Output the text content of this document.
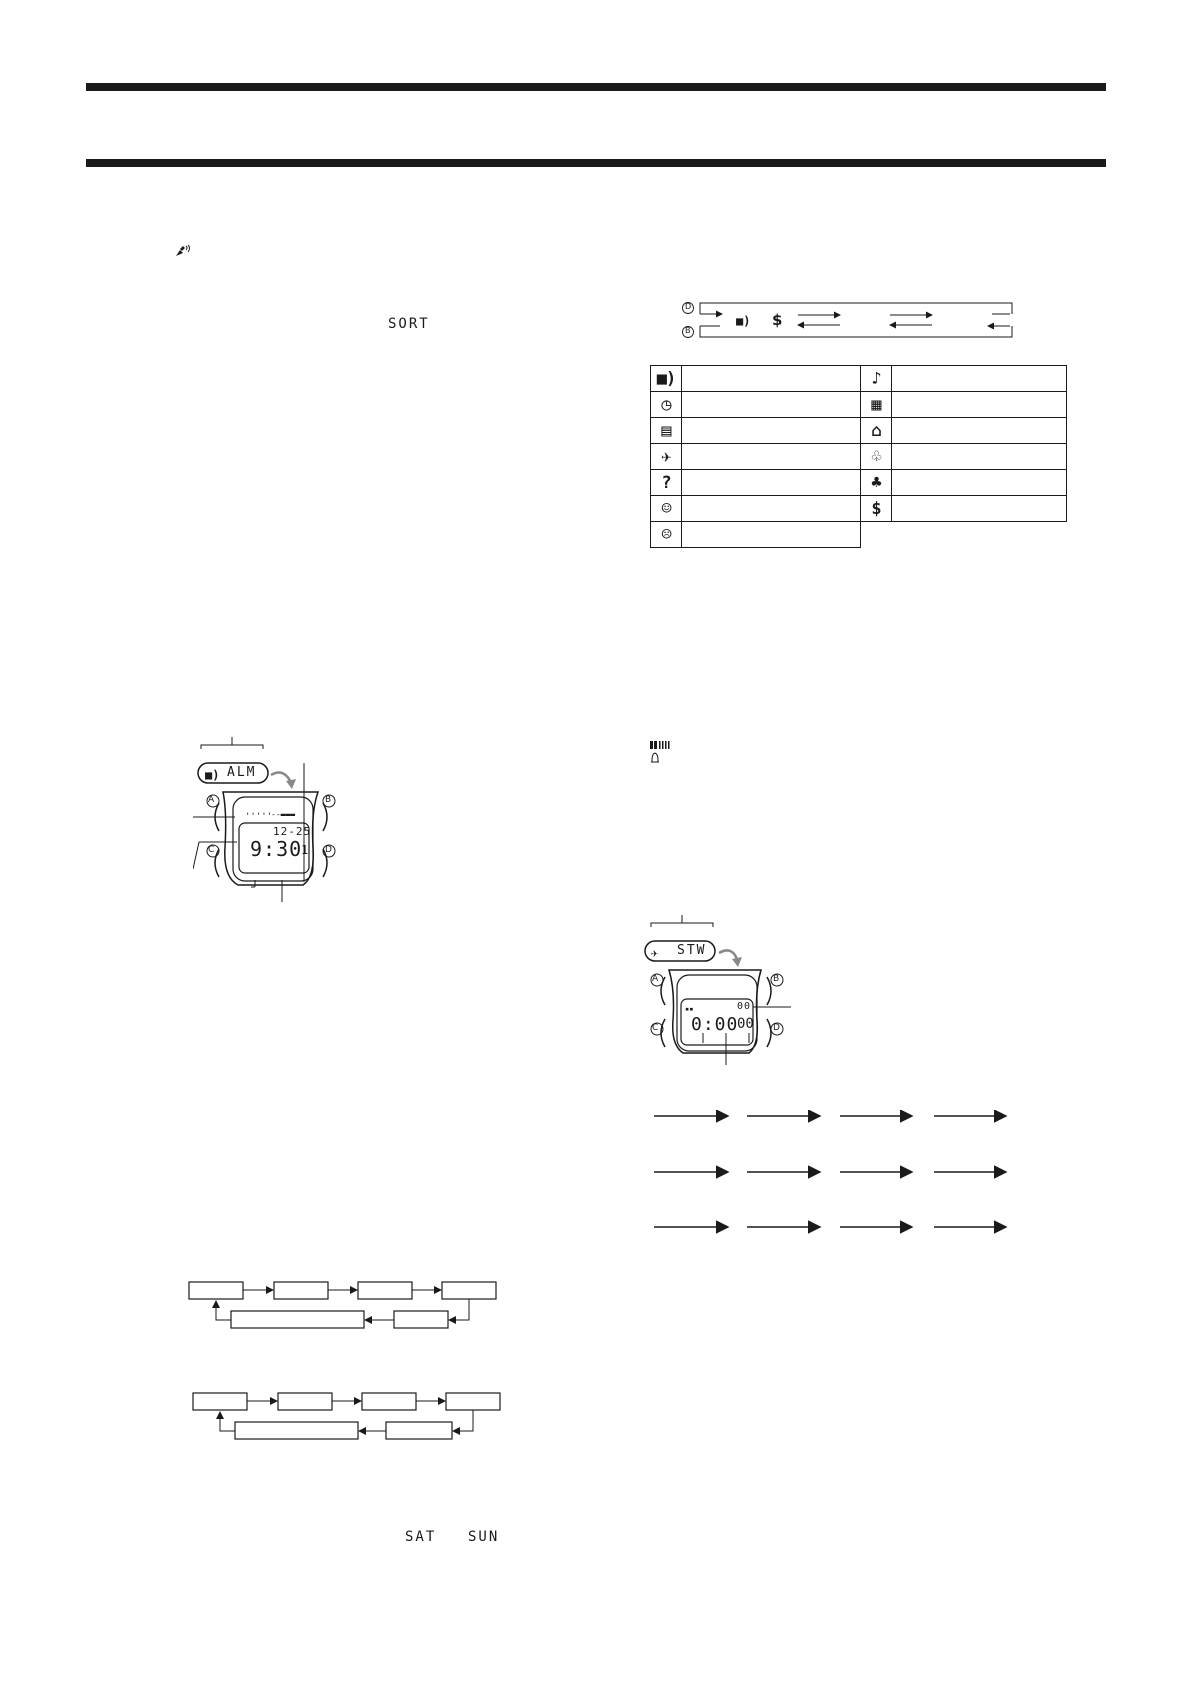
SORT
■)
'''''
--▬▬▬
ALM
12-25
9:30
1
A	B
C	D
SAT SUN
■)
D
B
$
■)		♪	
◷		▦	
▤		⌂	
✈		♧	
?		♣	
☺		$	
☹			
✈
▪▪
STW
00
0:00
00
A	B
C	D
